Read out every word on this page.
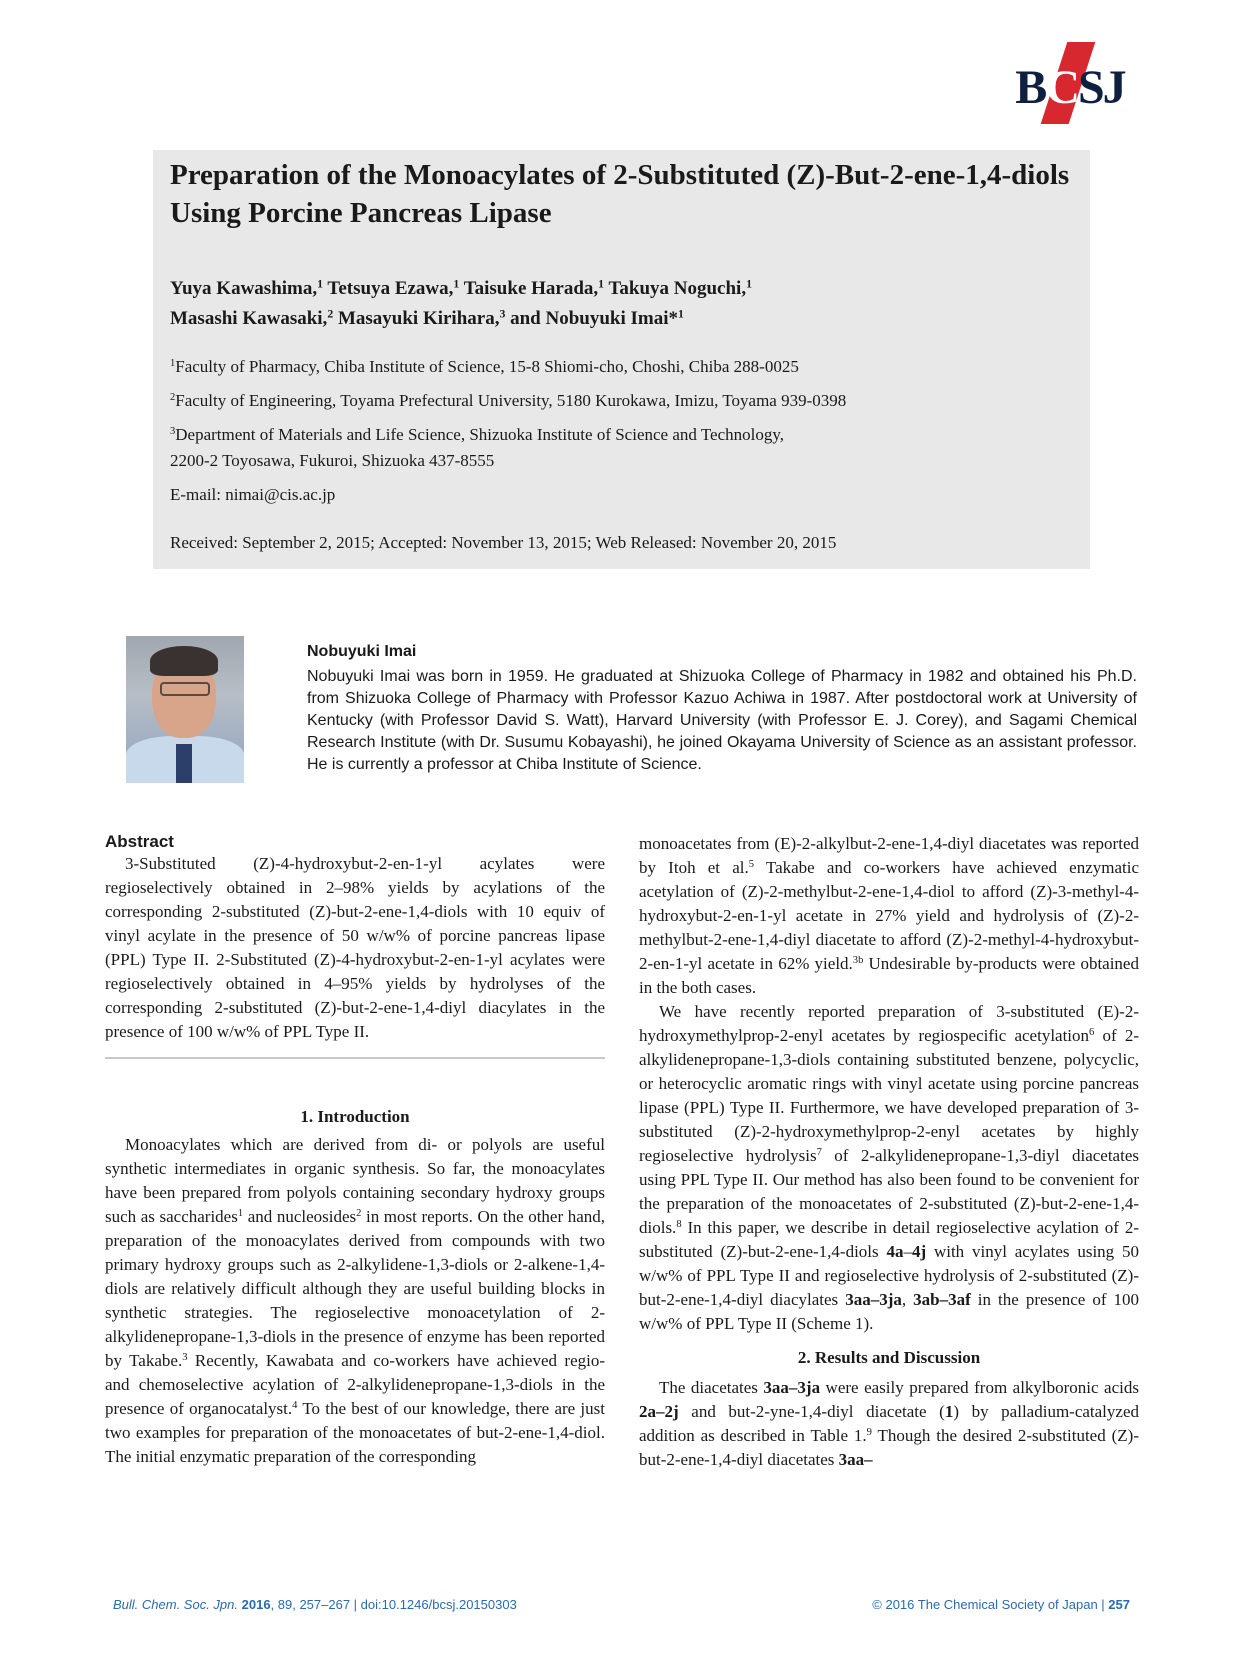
BCSJ
Preparation of the Monoacylates of 2-Substituted (Z)-But-2-ene-1,4-diols
Using Porcine Pancreas Lipase
Yuya Kawashima,$^1$ Tetsuya Ezawa,$^1$ Taisuke Harada,$^1$ Takuya Noguchi,$^1$
Masashi Kawasaki,$^2$ Masayuki Kirihara,$^3$ and Nobuyuki Imai*$^1$
$^1$Faculty of Pharmacy, Chiba Institute of Science, 15-8 Shiomi-cho, Choshi, Chiba 288-0025
$^2$Faculty of Engineering, Toyama Prefectural University, 5180 Kurokawa, Imizu, Toyama 939-0398
$^3$Department of Materials and Life Science, Shizuoka Institute of Science and Technology,
2200-2 Toyosawa, Fukuroi, Shizuoka 437-8555
E-mail: nimai@cis.ac.jp
Received: September 2, 2015; Accepted: November 13, 2015; Web Released: November 20, 2015
Nobuyuki Imai
Nobuyuki Imai was born in 1959. He graduated at Shizuoka College of Pharmacy in 1982 and obtained his Ph.D. from Shizuoka College of Pharmacy with Professor Kazuo Achiwa in 1987. After postdoctoral work at University of Kentucky (with Professor David S. Watt), Harvard University (with Professor E. J. Corey), and Sagami Chemical Research Institute (with Dr. Susumu Kobayashi), he joined Okayama University of Science as an assistant professor. He is currently a professor at Chiba Institute of Science.
Abstract

3-Substituted (Z)-4-hydroxybut-2-en-1-yl acylates were regioselectively obtained in 2–98% yields by acylations of the corresponding 2-substituted (Z)-but-2-ene-1,4-diols with 10 equiv of vinyl acylate in the presence of 50 w/w% of porcine pancreas lipase (PPL) Type II. 2-Substituted (Z)-4-hydroxybut-2-en-1-yl acylates were regioselectively obtained in 4–95% yields by hydrolyses of the corresponding 2-substituted (Z)-but-2-ene-1,4-diyl diacylates in the presence of 100 w/w% of PPL Type II.

1. Introduction

Monoacylates which are derived from di- or polyols are useful synthetic intermediates in organic synthesis. So far, the monoacylates have been prepared from polyols containing secondary hydroxy groups such as saccharides$^1$ and nucleosides$^2$ in most reports. On the other hand, preparation of the monoacylates derived from compounds with two primary hydroxy groups such as 2-alkylidene-1,3-diols or 2-alkene-1,4-diols are relatively difficult although they are useful building blocks in synthetic strategies. The regioselective monoacetylation of 2-alkylidenepropane-1,3-diols in the presence of enzyme has been reported by Takabe.$^3$ Recently, Kawabata and co-workers have achieved regio- and chemoselective acylation of 2-alkylidenepropane-1,3-diols in the presence of organocatalyst.$^4$ To the best of our knowledge, there are just two examples for preparation of the monoacetates of but-2-ene-1,4-diol. The initial enzymatic preparation of the corresponding

monoacetates from (E)-2-alkylbut-2-ene-1,4-diyl diacetates was reported by Itoh et al.$^5$ Takabe and co-workers have achieved enzymatic acetylation of (Z)-2-methylbut-2-ene-1,4-diol to afford (Z)-3-methyl-4-hydroxybut-2-en-1-yl acetate in 27% yield and hydrolysis of (Z)-2-methylbut-2-ene-1,4-diyl diacetate to afford (Z)-2-methyl-4-hydroxybut-2-en-1-yl acetate in 62% yield.$^{3b}$ Undesirable by-products were obtained in the both cases.

We have recently reported preparation of 3-substituted (E)-2-hydroxymethylprop-2-enyl acetates by regiospecific acetylation$^6$ of 2-alkylidenepropane-1,3-diols containing substituted benzene, polycyclic, or heterocyclic aromatic rings with vinyl acetate using porcine pancreas lipase (PPL) Type II. Furthermore, we have developed preparation of 3-substituted (Z)-2-hydroxymethylprop-2-enyl acetates by highly regioselective hydrolysis$^7$ of 2-alkylidenepropane-1,3-diyl diacetates using PPL Type II. Our method has also been found to be convenient for the preparation of the monoacetates of 2-substituted (Z)-but-2-ene-1,4-diols.$^8$ In this paper, we describe in detail regioselective acylation of 2-substituted (Z)-but-2-ene-1,4-diols 4a–4j with vinyl acylates using 50 w/w% of PPL Type II and regioselective hydrolysis of 2-substituted (Z)-but-2-ene-1,4-diyl diacylates 3aa–3ja, 3ab–3af in the presence of 100 w/w% of PPL Type II (Scheme 1).

2. Results and Discussion

The diacetates 3aa–3ja were easily prepared from alkylboronic acids 2a–2j and but-2-yne-1,4-diyl diacetate (1) by palladium-catalyzed addition as described in Table 1.$^9$ Though the desired 2-substituted (Z)-but-2-ene-1,4-diyl diacetates 3aa–

Bull. Chem. Soc. Jpn. 2016, 89, 257–267 | doi:10.1246/bcsj.20150303	© 2016 The Chemical Society of Japan | 257
